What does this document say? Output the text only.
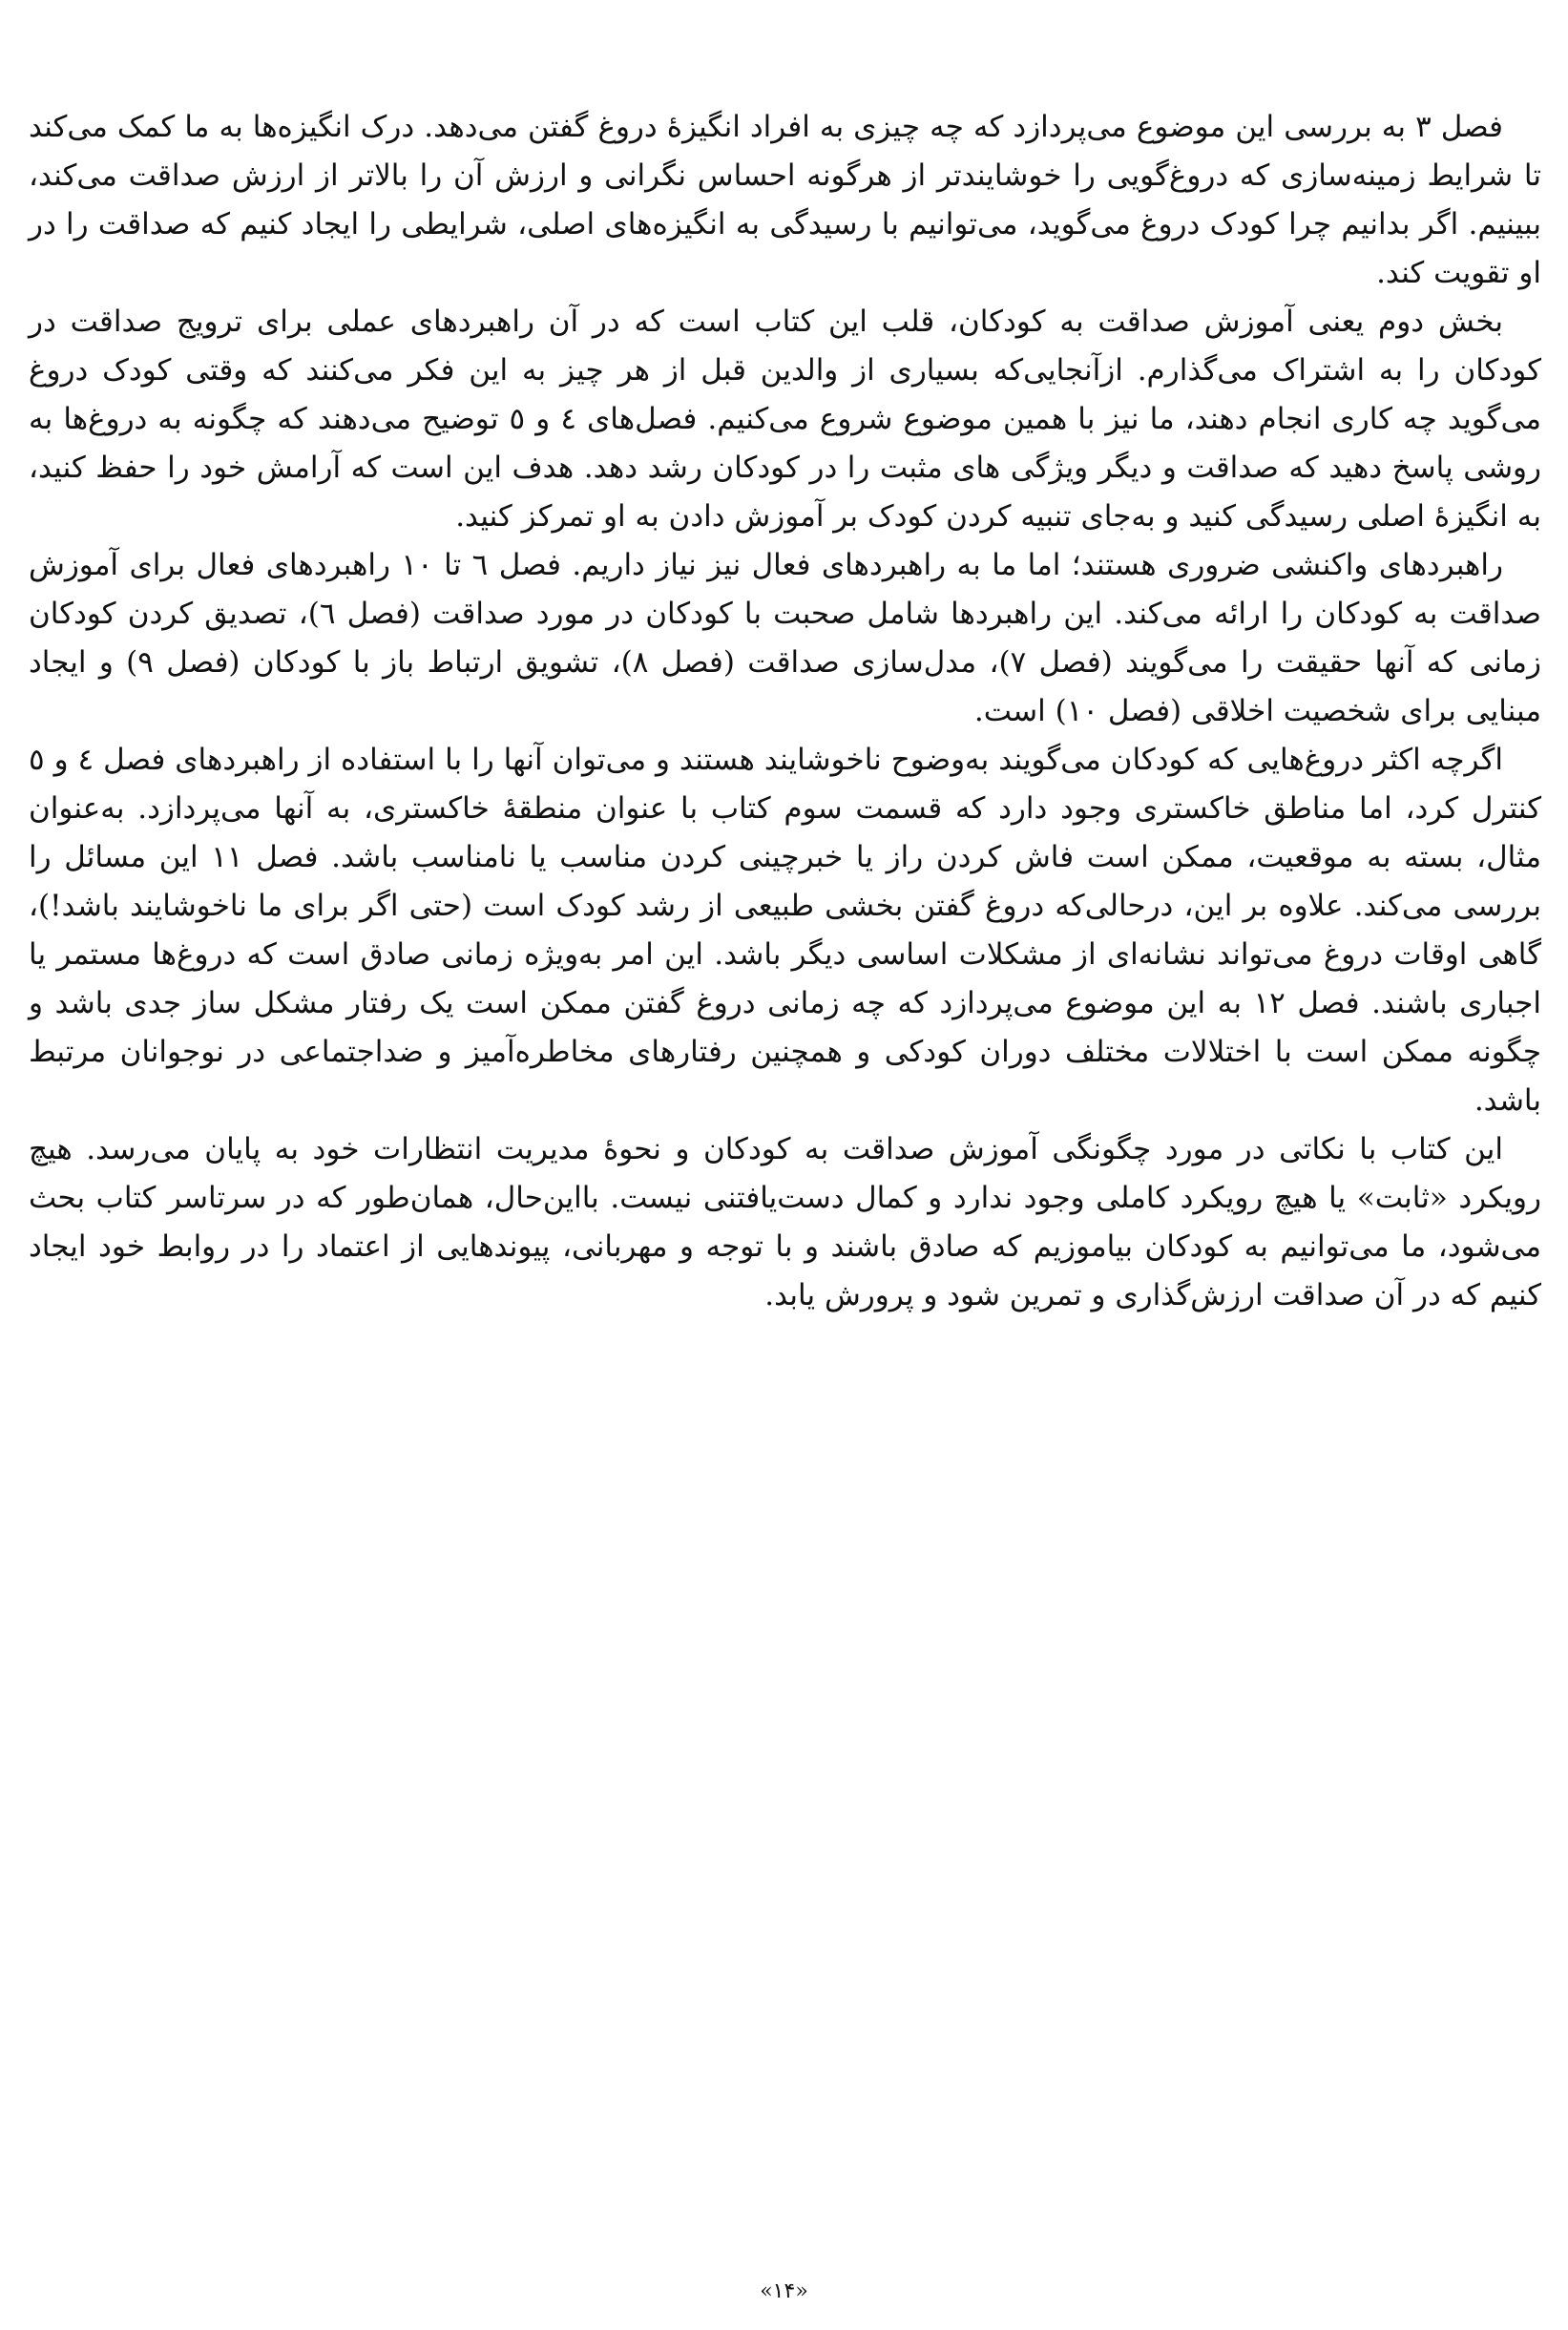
فصل ۳ به بررسی این موضوع می‌پردازد که چه چیزی به افراد انگیزهٔ دروغ گفتن می‌دهد. درک انگیزه‌ها به ما کمک می‌کند تا شرایط زمینه‌سازی که دروغ‌گویی را خوشایندتر از هرگونه احساس نگرانی و ارزش آن را بالاتر از ارزش صداقت می‌کند، ببینیم. اگر بدانیم چرا کودک دروغ می‌گوید، می‌توانیم با رسیدگی به انگیزه‌های اصلی، شرایطی را ایجاد کنیم که صداقت را در او تقویت کند.

بخش دوم یعنی آموزش صداقت به کودکان، قلب این کتاب است که در آن راهبردهای عملی برای ترویج صداقت در کودکان را به اشتراک می‌گذارم. ازآنجایی‌که بسیاری از والدین قبل از هر چیز به این فکر می‌کنند که وقتی کودک دروغ می‌گوید چه کاری انجام دهند، ما نیز با همین موضوع شروع می‌کنیم. فصل‌های ٤ و ٥ توضیح می‌دهند که چگونه به دروغ‌ها به روشی پاسخ دهید که صداقت و دیگر ویژگی های مثبت را در کودکان رشد دهد. هدف این است که آرامش خود را حفظ کنید، به انگیزهٔ اصلی رسیدگی کنید و به‌جای تنبیه کردن کودک بر آموزش دادن به او تمرکز کنید.

راهبردهای واکنشی ضروری هستند؛ اما ما به راهبردهای فعال نیز نیاز داریم. فصل ٦ تا ١٠ راهبردهای فعال برای آموزش صداقت به کودکان را ارائه می‌کند. این راهبردها شامل صحبت با کودکان در مورد صداقت (فصل ٦)، تصدیق کردن کودکان زمانی که آنها حقیقت را می‌گویند (فصل ٧)، مدل‌سازی صداقت (فصل ٨)، تشویق ارتباط باز با کودکان (فصل ٩) و ایجاد مبنایی برای شخصیت اخلاقی (فصل ١٠) است.

اگرچه اکثر دروغ‌هایی که کودکان می‌گویند به‌وضوح ناخوشایند هستند و می‌توان آنها را با استفاده از راهبردهای فصل ٤ و ٥ کنترل کرد، اما مناطق خاکستری وجود دارد که قسمت سوم کتاب با عنوان منطقهٔ خاکستری، به آنها می‌پردازد. به‌عنوان مثال، بسته به موقعیت، ممکن است فاش کردن راز یا خبرچینی کردن مناسب یا نامناسب باشد. فصل ١١ این مسائل را بررسی می‌کند. علاوه بر این، درحالی‌که دروغ گفتن بخشی طبیعی از رشد کودک است (حتی اگر برای ما ناخوشایند باشد!)، گاهی اوقات دروغ می‌تواند نشانه‌ای از مشکلات اساسی دیگر باشد. این امر به‌ویژه زمانی صادق است که دروغ‌ها مستمر یا اجباری باشند. فصل ١٢ به این موضوع می‌پردازد که چه زمانی دروغ گفتن ممکن است یک رفتار مشکل ساز جدی باشد و چگونه ممکن است با اختلالات مختلف دوران کودکی و همچنین رفتارهای مخاطره‌آمیز و ضداجتماعی در نوجوانان مرتبط باشد.

این کتاب با نکاتی در مورد چگونگی آموزش صداقت به کودکان و نحوهٔ مدیریت انتظارات خود به پایان می‌رسد. هیچ رویکرد «ثابت» یا هیچ رویکرد کاملی وجود ندارد و کمال دست‌یافتنی نیست. بااین‌حال، همان‌طور که در سرتاسر کتاب بحث می‌شود، ما می‌توانیم به کودکان بیاموزیم که صادق باشند و با توجه و مهربانی، پیوندهایی از اعتماد را در روابط خود ایجاد کنیم که در آن صداقت ارزش‌گذاری و تمرین شود و پرورش یابد.

«۱۴»
